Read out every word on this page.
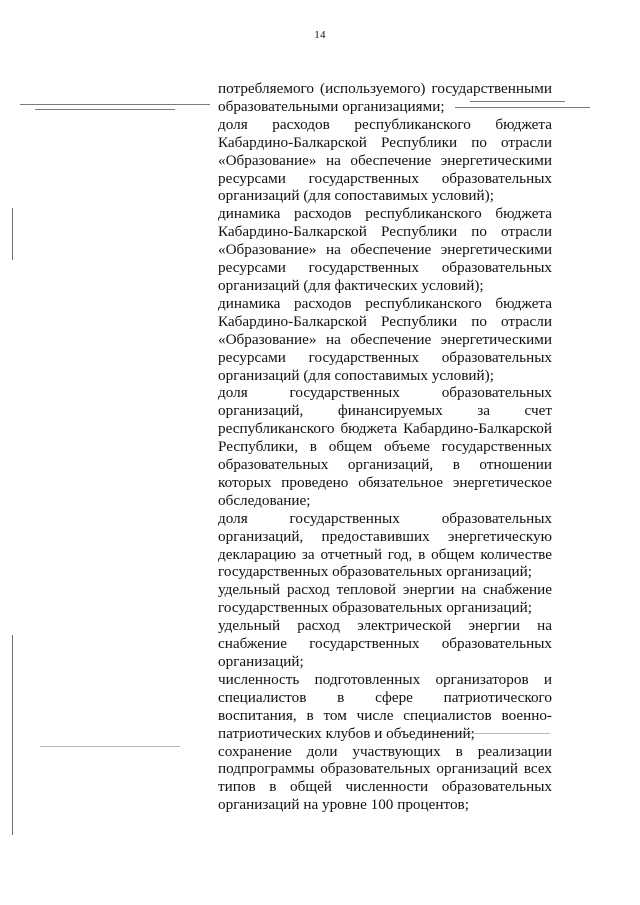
14

потребляемого (используемого) государственными образовательными организациями;

доля расходов республиканского бюджета Кабардино-Балкарской Республики по отрасли «Образование» на обеспечение энергетическими ресурсами государственных образовательных организаций (для сопоставимых условий);

динамика расходов республиканского бюджета Кабардино-Балкарской Республики по отрасли «Образование» на обеспечение энергетическими ресурсами государственных образовательных организаций (для фактических условий);

динамика расходов республиканского бюджета Кабардино-Балкарской Республики по отрасли «Образование» на обеспечение энергетическими ресурсами государственных образовательных организаций (для сопоставимых условий);

доля государственных образовательных организаций, финансируемых за счет республиканского бюджета Кабардино-Балкарской Республики, в общем объеме государственных образовательных организаций, в отношении которых проведено обязательное энергетическое обследование;

доля государственных образовательных организаций, предоставивших энергетическую декларацию за отчетный год, в общем количестве государственных образовательных организаций;

удельный расход тепловой энергии на снабжение государственных образовательных организаций;

удельный расход электрической энергии на снабжение государственных образовательных организаций;

численность подготовленных организаторов и специалистов в сфере патриотического воспитания, в том числе специалистов военно-патриотических клубов и объединений;

сохранение доли участвующих в реализации подпрограммы образовательных организаций всех типов в общей численности образовательных организаций на уровне 100 процентов;
